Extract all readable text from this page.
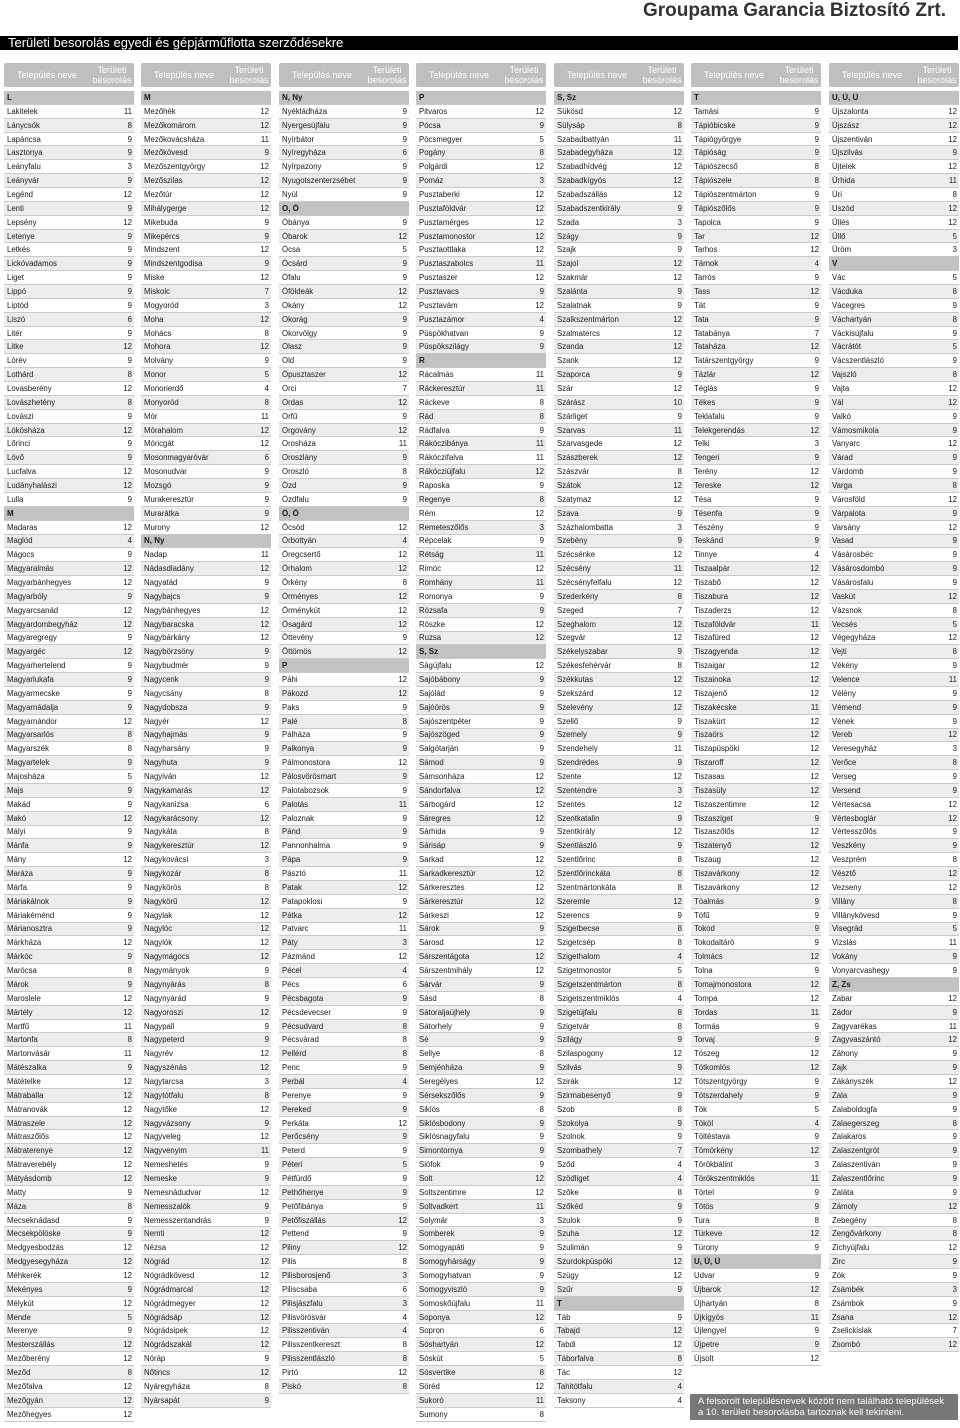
Groupama Garancia Biztosító Zrt.
Területi besorolás egyedi és gépjárműflotta szerződésekre
Település neve	Területi besorolás
L
Lakitelek	11
Lánycsók	8
Lapáncsa	9
Lasztonya	9
Leányfalu	3
Leányvár	9
Legénd	12
Lenti	9
Lepsény	12
Letenye	9
Letkés	9
Lickóvadamos	9
Liget	9
Lippó	9
Liptód	9
Liszó	6
Litér	9
Litke	12
Lórév	9
Lothárd	8
Lovasberény	12
Lovászhetény	8
Lovászi	9
Lókösháza	12
Lőrinci	9
Lövő	9
Lucfalva	12
Ludányhalászi	12
Lulla	9
M
Madaras	12
Maglód	4
Mágocs	9
Magyaralmás	12
Magyarbánhegyes	12
Magyarbóly	9
Magyarcsanád	12
Magyardombegyház	12
Magyaregregy	9
Magyargéc	12
Magyarhertelend	9
Magyarlukafa	9
Magyarmecske	9
Magyarnádalja	9
Magyarnándor	12
Magyarsarlós	8
Magyarszék	8
Magyartelek	9
Majosháza	5
Majs	9
Makád	9
Makó	12
Mályi	9
Mánfa	9
Mány	12
Maráza	9
Márfa	9
Máriakálnok	9
Máriakéménd	9
Márianosztra	9
Márkháza	12
Márkóc	9
Marócsa	8
Márok	9
Maroslele	12
Mártély	12
Martfű	11
Martonfa	8
Martonvásár	11
Mátészalka	9
Mátételke	12
Mátraballa	12
Mátranovák	12
Mátraszele	12
Mátraszőlős	12
Mátraterenye	12
Mátraverebély	12
Mátyásdomb	12
Matty	9
Máza	8
Mecseknádasd	9
Mecsekpölöske	9
Medgyesbodzás	12
Medgyesegyháza	12
Méhkerék	12
Mekényes	9
Mélykút	12
Mende	5
Merenye	9
Mesterszállás	12
Mezőberény	12
Meződ	8
Mezőfalva	12
Mezőgyán	12
Mezőhegyes	12
Település neve	Területi besorolás
M
Mezőhék	12
Mezőkomárom	12
Mezőkovácsháza	11
Mezőkövesd	9
Mezőszentgyörgy	12
Mezőszilas	12
Mezőtúr	12
Mihálygerge	12
Mikebuda	9
Mikepércs	9
Mindszent	12
Mindszentgodisa	9
Miske	12
Miskolc	7
Mogyoród	3
Moha	12
Mohács	8
Mohora	12
Molvány	9
Monor	5
Monorierdő	4
Monyoród	8
Mór	11
Mórahalom	12
Móricgát	12
Mosonmagyaróvár	6
Mosonudvar	9
Mozsgó	9
Murakeresztúr	9
Murarátka	9
Murony	12
N, Ny
Nadap	11
Nádasdladány	12
Nagyatád	9
Nagybajcs	9
Nagybánhegyes	12
Nagybaracska	12
Nagybárkány	12
Nagybörzsöny	9
Nagybudmér	9
Nagycenk	9
Nagycsány	8
Nagydobsza	9
Nagyér	12
Nagyhajmás	9
Nagyharsány	9
Nagyhuta	9
Nagyiván	12
Nagykamarás	12
Nagykanizsa	6
Nagykarácsony	12
Nagykáta	8
Nagykeresztúr	12
Nagykovácsi	3
Nagykozár	8
Nagykörös	8
Nagykörű	12
Nagylak	12
Nagylóc	12
Nagylók	12
Nagymágocs	12
Nagymányok	9
Nagynyárás	8
Nagynyárád	9
Nagyoroszi	12
Nagypall	9
Nagypeterd	9
Nagyrév	12
Nagyszénás	12
Nagytarcsa	3
Nagytótfalu	8
Nagytőke	12
Nagyvázsony	9
Nagyveleg	12
Nagyvenyim	11
Nemeshetés	9
Nemeske	9
Nemesnádudvar	12
Nemesszalók	9
Nemesszentandrás	9
Nemti	12
Nézsa	12
Nógrád	12
Nógrádkövesd	12
Nógrádmarcal	12
Nógrádmegyer	12
Nógrádsáp	12
Nógrádsipek	12
Nógrádszakál	12
Nóráp	9
Nőtincs	12
Nyáregyháza	8
Nyársapát	9
Település neve	Területi besorolás
N, Ny
Nyékládháza	9
Nyergesújfalu	9
Nyírbátor	9
Nyíregyháza	6
Nyírpazony	9
Nyugotszenterzsébet	9
Nyúl	9
O, Ó
Óbánya	9
Óbarok	12
Ócsa	5
Ócsárd	9
Ófalu	9
Őföldeák	12
Okány	12
Okorág	9
Okorvölgy	9
Olasz	9
Old	9
Ópusztaszer	12
Orci	7
Ordas	12
Orfű	9
Orgovány	12
Orosháza	11
Oroszlány	9
Oroszló	8
Ózd	9
Ózdfalu	9
Ö, Ő
Öcsöd	12
Őrbottyán	4
Öregcsertő	12
Őrhalom	12
Örkény	8
Őrményes	12
Örménykút	12
Ősagárd	12
Öttevény	9
Öttömös	12
P
Páhi	12
Pákozd	12
Paks	9
Palé	8
Pálháza	9
Palkonya	9
Pálmonostora	12
Pálosvörösmart	9
Palotabozsok	9
Palotás	11
Paloznak	9
Pánd	9
Pannonhalma	9
Pápa	9
Pásztó	11
Patak	12
Patapoklosi	9
Pátka	12
Patvarc	11
Páty	3
Pázmánd	12
Pécel	4
Pécs	6
Pécsbagota	9
Pécsdevecser	9
Pécsudvard	8
Pécsvárad	8
Pellérd	8
Penc	9
Perbál	4
Perenye	9
Pereked	9
Perkáta	12
Perőcsény	9
Peterd	9
Péteri	5
Pétfürdő	9
Pethőhenye	9
Petőfibánya	9
Petőfiszállás	12
Pettend	9
Piliny	12
Pilis	8
Pilisborosjenő	3
Piliscsaba	6
Pilisjászfalu	3
Pilisvörösvár	4
Pilisszentiván	4
Pilisszentkereszt	8
Pilisszentlászló	8
Pirtó	12
Piskó	8
Település neve	Területi besorolás
P
Pitvaros	12
Pócsa	9
Pócsmegyer	5
Pogány	8
Polgárdi	12
Pomáz	3
Pusztaberki	12
Pusztaföldvár	12
Pusztamérges	12
Pusztamonostor	12
Pusztaottlaka	12
Pusztaszabolcs	11
Pusztaszer	12
Pusztavacs	9
Pusztavám	12
Pusztazámor	4
Püspökhatvan	9
Püspökszilágy	9
R
Rácalmás	11
Ráckeresztúr	11
Ráckeve	8
Rád	8
Rádfalva	9
Rákóczibánya	11
Rákóczifalva	11
Rákócziújfalu	12
Raposka	9
Regenye	8
Rém	12
Remeteszőlős	3
Répcelak	9
Rétság	11
Rimóc	12
Romhány	11
Romonya	9
Rózsafa	9
Röszke	12
Ruzsa	12
S, Sz
Ságújfalu	12
Sajóbábony	9
Sajólád	9
Sajóörös	9
Sajószentpéter	9
Sajószöged	9
Salgótarján	9
Sámod	9
Sámsonháza	12
Sándorfalva	12
Sárbogárd	12
Sáregres	12
Sárhida	9
Sárisáp	9
Sarkad	12
Sarkadkeresztúr	12
Sárkeresztes	12
Sárkeresztúr	12
Sárkeszi	12
Sárok	9
Sárosd	12
Sárszentágota	12
Sárszentmihály	12
Sárvár	9
Sásd	8
Sátoraljaújhely	9
Sátorhely	9
Sé	9
Sellye	8
Semjénháza	9
Seregélyes	12
Sérsekszőlős	9
Siklós	8
Siklósbodony	9
Siklósnagyfalu	9
Simontornya	9
Siófok	9
Solt	12
Soltszentimre	12
Soltvadkert	11
Solymár	3
Somberek	9
Somogyapáti	9
Somogyhárságy	9
Somogyhatvan	9
Somogyviszló	9
Somoskőújfalu	11
Soponya	12
Sopron	6
Sóshartyán	12
Sóskút	5
Sósvertike	8
Söréd	12
Sukoró	11
Sumony	8
Település neve	Területi besorolás
S, Sz
Sükösd	12
Sülysáp	8
Szabadbattyán	11
Szabadegyháza	12
Szabadhídvég	12
Szabadkígyós	12
Szabadszállás	12
Szabadszentkirály	9
Szada	3
Szágy	9
Szajk	9
Szajol	12
Szakmár	12
Szalánta	9
Szalatnak	9
Szalkszentmárton	12
Szalmatercs	12
Szanda	12
Szank	12
Szaporca	9
Szár	12
Szárász	10
Szárliget	9
Szarvas	11
Szarvasgede	12
Szászberek	12
Szászvár	8
Szátok	12
Szatymaz	12
Szava	9
Százhalombatta	3
Szebény	9
Szécsénke	12
Szécsény	11
Szécsényfelfalu	12
Szederkény	8
Szeged	7
Szeghalom	12
Szegvár	12
Székelyszabar	9
Székesfehérvár	8
Székkutas	12
Szekszárd	12
Szelevény	12
Szellő	9
Szemely	9
Szendehely	11
Szendrédes	9
Szente	12
Szentendre	3
Szentes	12
Szentkatalin	9
Szentkirály	12
Szentlászló	9
Szentlőrinc	8
Szentlőrinckáta	8
Szentmártonkáta	8
Szeremle	12
Szerencs	9
Szigetbecse	8
Szigetcsép	8
Szigethalom	4
Szigetmonostor	5
Szigetszentmárton	8
Szigetszentmiklós	4
Szigetújfalu	8
Szigetvár	8
Szilágy	9
Szilaspogony	12
Szilvás	9
Szirák	12
Szirmabesenyő	9
Szob	8
Szokolya	9
Szolnok	9
Szombathely	7
Sződ	4
Szödliget	4
Szőke	8
Szőkéd	9
Szulok	9
Szuha	12
Szulimán	9
Szurdokpüspöki	12
Szügy	12
Szűr	9
T
Táb	9
Tabajd	12
Tabdi	12
Táborfalva	8
Tác	12
Tahitótfalu	4
Taksony	4
Település neve	Területi besorolás
T
Tamási	9
Tápióbicske	9
Tápiógyörgye	9
Tápióság	9
Tápiószecső	8
Tápiószele	8
Tápiószentmárton	9
Tápiószőlős	9
Tapolca	9
Tar	12
Tarhos	12
Tárnok	4
Tarrós	9
Tass	12
Tát	9
Tata	9
Tatabánya	7
Tataháza	12
Tatárszentgyörgy	9
Tázlár	12
Téglás	9
Tékes	9
Teklafalu	9
Telekgerendás	12
Telki	3
Tengeri	9
Terény	12
Tereske	12
Tésa	9
Tésenfa	9
Tészény	9
Teskánd	9
Tinnye	4
Tiszaalpár	12
Tiszabő	12
Tiszabura	12
Tiszaderzs	12
Tiszaföldvár	11
Tiszafüred	12
Tiszagyenda	12
Tiszaigar	12
Tiszainoka	12
Tiszajenő	12
Tiszakécske	11
Tiszakürt	12
Tiszaörs	12
Tiszapüspöki	12
Tiszaroff	12
Tiszasas	12
Tiszasüly	12
Tiszaszentimre	12
Tiszasziget	9
Tiszaszőlős	12
Tiszatenyő	12
Tiszaug	12
Tiszavárkony	12
Tiszavárkony	12
Tóalmás	9
Tófű	9
Tokod	9
Tokodaltáró	9
Tolmács	12
Tolna	9
Tomajmonostora	12
Tompa	12
Tordas	11
Tormás	9
Torvaj	9
Tószeg	12
Tótkomlós	12
Tótszentgyörgy	9
Tótszerdahely	9
Tök	5
Tököl	4
Töltéstava	9
Tömörkény	12
Törökbálint	3
Törökszentmiklós	11
Törtel	9
Tötös	9
Tura	8
Türkeve	12
Túrony	9
U, Ú, Ü
Udvar	9
Újbarok	12
Újhartyán	8
Újkígyós	11
Újlengyel	9
Újpetre	9
Újsolt	12
Település neve	Területi besorolás
U, Ú, Ü
Újszalonta	12
Újszász	12
Újszentiván	12
Újszilvás	9
Újtelek	12
Úrhida	11
Úri	8
Uszód	12
Üllés	12
Üllő	5
Üröm	3
V
Vác	5
Vácduka	8
Vácegres	9
Váchartyán	8
Váckisújfalu	9
Vácrátót	5
Vácszentlászló	9
Vajszló	8
Vajta	12
Vál	12
Valkó	9
Vámosmikola	9
Vanyarc	12
Várad	9
Várdomb	9
Varga	8
Városföld	12
Várpalota	9
Varsány	12
Vasad	9
Vásárosbéc	9
Vásárosdombó	9
Vásárosfalu	9
Vaskút	12
Vázsnok	8
Vecsés	5
Végegyháza	12
Vejti	8
Vékény	9
Velence	11
Vélény	9
Vémend	9
Vének	9
Vereb	12
Veresegyház	3
Verőce	8
Verseg	9
Versend	9
Vértesacsa	12
Vértesboglár	12
Vértesszőlős	9
Veszkény	9
Veszprém	8
Vésztő	12
Vezseny	12
Villány	8
Villánykövesd	9
Visegrád	5
Vizslás	11
Vokány	9
Vonyarcvashegy	9
Z, Zs
Zabar	12
Zádor	9
Zagyvarékas	11
Zagyvaszántó	12
Záhony	9
Zajk	9
Zákányszék	12
Zala	9
Zalaboldogfa	9
Zalaegerszeg	8
Zalakaros	9
Zalaszentgrót	9
Zalaszentiván	9
Zalaszentlőrinc	9
Zaláta	9
Zámoly	12
Zebegény	8
Zengővárkony	8
Zichyújfalu	12
Zirc	9
Zók	9
Zsámbék	3
Zsámbok	9
Zsana	12
Zselickislak	7
Zsombó	12
A felsorolt településnevek között nem található települések a 10. területi besorolásba tartoznak kell tekinteni.
